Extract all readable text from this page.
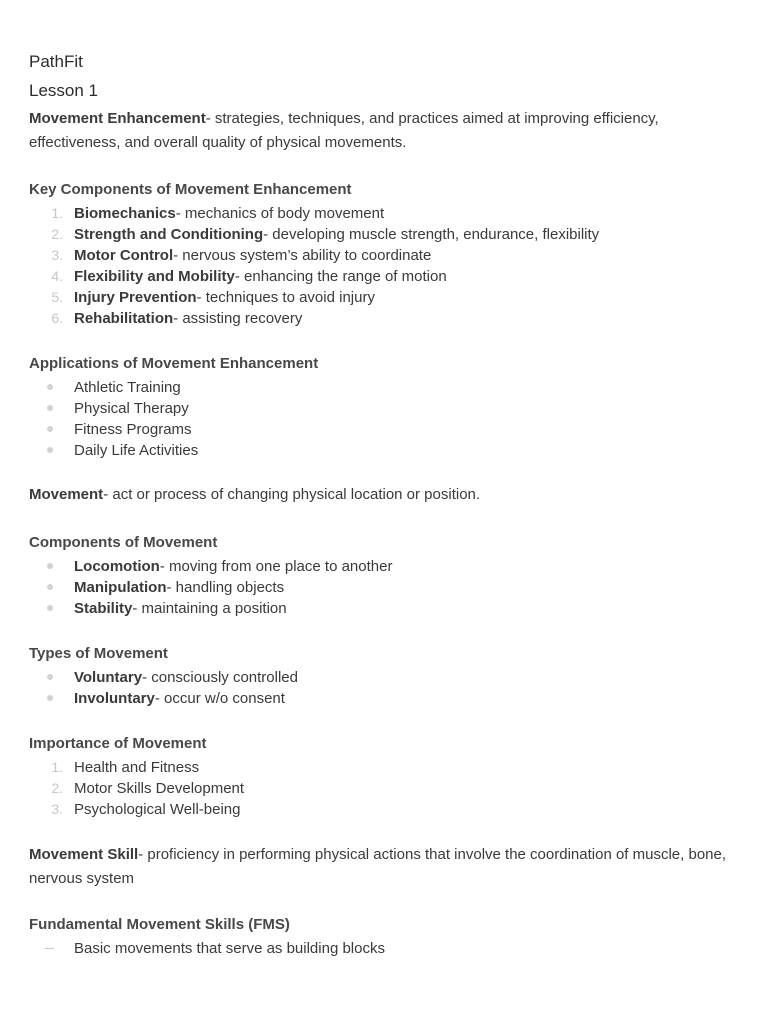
PathFit
Lesson 1
Movement Enhancement- strategies, techniques, and practices aimed at improving efficiency, effectiveness, and overall quality of physical movements.
Key Components of Movement Enhancement
1. Biomechanics- mechanics of body movement
2. Strength and Conditioning- developing muscle strength, endurance, flexibility
3. Motor Control- nervous system’s ability to coordinate
4. Flexibility and Mobility- enhancing the range of motion
5. Injury Prevention- techniques to avoid injury
6. Rehabilitation- assisting recovery
Applications of Movement Enhancement
Athletic Training
Physical Therapy
Fitness Programs
Daily Life Activities
Movement- act or process of changing physical location or position.
Components of Movement
Locomotion- moving from one place to another
Manipulation- handling objects
Stability- maintaining a position
Types of Movement
Voluntary- consciously controlled
Involuntary- occur w/o consent
Importance of Movement
1. Health and Fitness
2. Motor Skills Development
3. Psychological Well-being
Movement Skill- proficiency in performing physical actions that involve the coordination of muscle, bone, nervous system
Fundamental Movement Skills (FMS)
Basic movements that serve as building blocks
